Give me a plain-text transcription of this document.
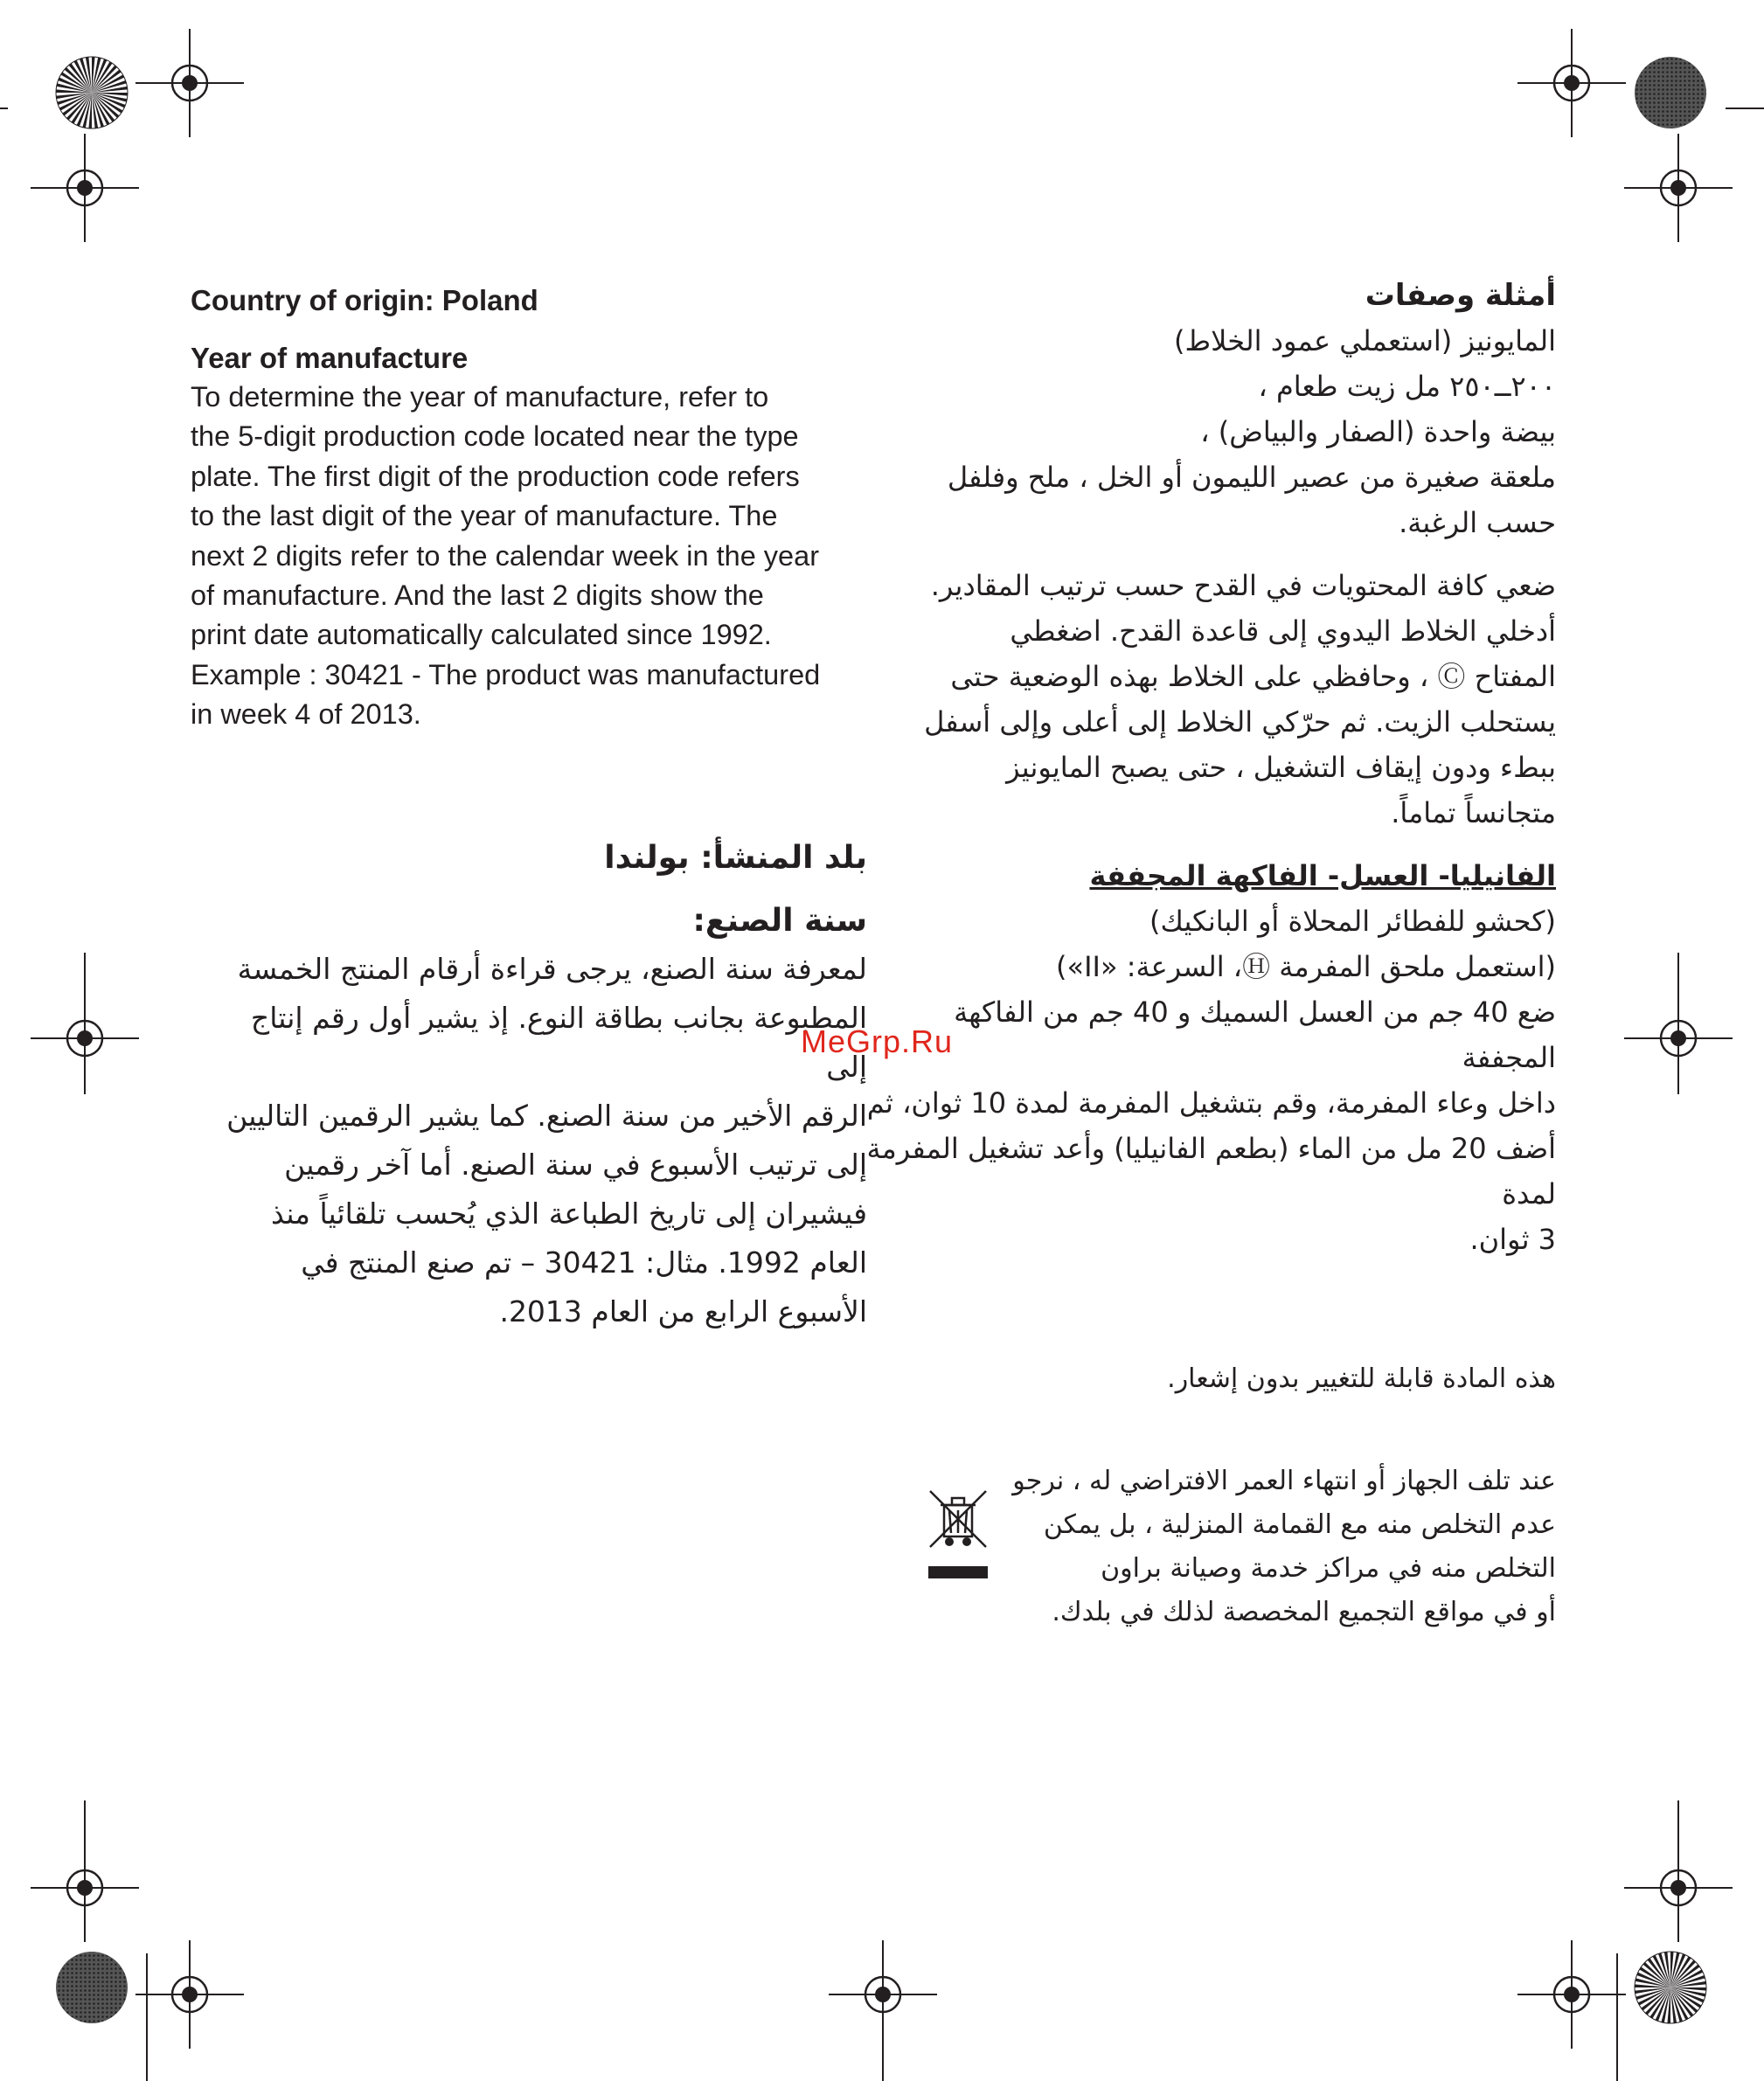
Country of origin: Poland
Year of manufacture

To determine the year of manufacture, refer to

the 5-digit production code located near the type

plate. The first digit of the production code refers

to the last digit of the year of manufacture. The

next 2 digits refer to the calendar week in the year

of manufacture. And the last 2 digits show the

print date automatically calculated since 1992.

Example : 30421 - The product was manufactured

in week 4 of 2013.

بلد المنشأ: بولندا
سنة الصنع:

لمعرفة سنة الصنع، يرجى قراءة أرقام المنتج الخمسة

المطبوعة بجانب بطاقة النوع. إذ يشير أول رقم إنتاج إلى

الرقم الأخير من سنة الصنع. كما يشير الرقمين التاليين

إلى ترتيب الأسبوع في سنة الصنع. أما آخر رقمين

فيشيران إلى تاريخ الطباعة الذي يُحسب تلقائياً منذ

العام 1992. مثال: 30421 – تم صنع المنتج في

الأسبوع الرابع من العام 2013.

أمثلة وصفات

المايونيز (استعملي عمود الخلاط)

٢٠٠ــ٢٥٠ مل زيت طعام ،

بيضة واحدة (الصفار والبياض) ،

ملعقة صغيرة من عصير الليمون أو الخل ، ملح وفلفل

حسب الرغبة.

ضعي كافة المحتويات في القدح حسب ترتيب المقادير.

أدخلي الخلاط اليدوي إلى قاعدة القدح. اضغطي

المفتاح Ⓒ ، وحافظي على الخلاط بهذه الوضعية حتى

يستحلب الزيت. ثم حرّكي الخلاط إلى أعلى وإلى أسفل

ببطء ودون إيقاف التشغيل ، حتى يصبح المايونيز

متجانساً تماماً.

الفانيليا- العسل- الفاكهة المجففة

(كحشو للفطائر المحلاة أو البانكيك)

(استعمل ملحق المفرمة Ⓗ، السرعة: «II»)

ضع 40 جم من العسل السميك و 40 جم من الفاكهة المجففة

داخل وعاء المفرمة، وقم بتشغيل المفرمة لمدة 10 ثوان، ثم

أضف 20 مل من الماء (بطعم الفانيليا) وأعد تشغيل المفرمة لمدة

3 ثوان.

MeGrp.Ru

هذه المادة قابلة للتغيير بدون إشعار.

عند تلف الجهاز أو انتهاء العمر الافتراضي له ، نرجو

عدم التخلص منه مع القمامة المنزلية ، بل يمكن

التخلص منه في مراكز خدمة وصيانة براون

أو في مواقع التجميع المخصصة لذلك في بلدك.
